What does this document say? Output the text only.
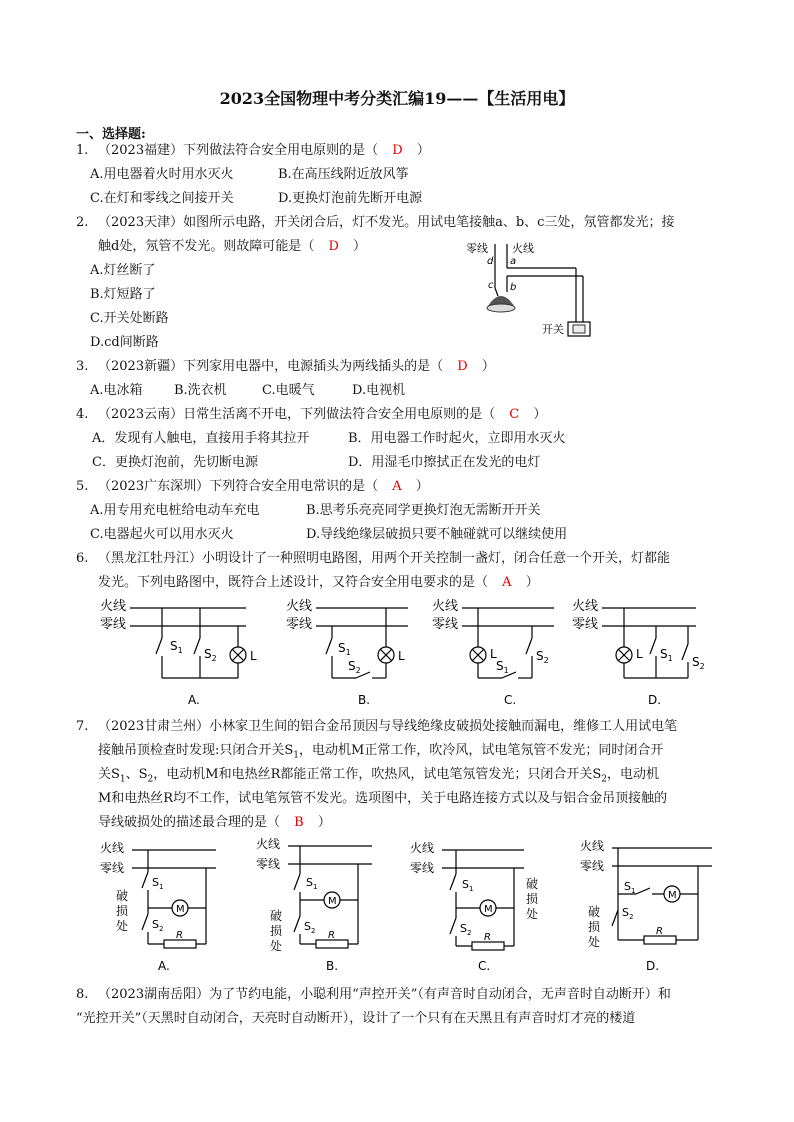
2023全国物理中考分类汇编19——【生活用电】
一、选择题:
1. （2023福建）下列做法符合安全用电原则的是（ D ）
A.用电器着火时用水灭火	B.在高压线附近放风筝
C.在灯和零线之间接开关	D.更换灯泡前先断开电源
2. （2023天津）如图所示电路，开关闭合后，灯不发光。用试电笔接触a、b、c三处，氖管都发光；接
触d处，氖管不发光。则故障可能是（ D ）
A.灯丝断了
B.灯短路了
C.开关处断路
D.cd间断路
零线 火线
d a
c b
开关
3. （2023新疆）下列家用电器中，电源插头为两线插头的是（ D ）
A.电冰箱 B.洗衣机	C.电暖气	D.电视机
4. （2023云南）日常生活离不开电，下列做法符合安全用电原则的是（ C ）
A．发现有人触电，直接用手将其拉开	B．用电器工作时起火，立即用水灭火
C．更换灯泡前，先切断电源	D．用湿毛巾擦拭正在发光的电灯
5. （2023广东深圳）下列符合安全用电常识的是（ A ）
A.用专用充电桩给电动车充电	B.思考乐亮亮同学更换灯泡无需断开开关
C.电器起火可以用水灭火	D.导线绝缘层破损只要不触碰就可以继续使用
6. （黑龙江牡丹江）小明设计了一种照明电路图，用两个开关控制一盏灯，闭合任意一个开关，灯都能
发光。下列电路图中，既符合上述设计，又符合安全用电要求的是（ A ）
火线
零线
$S_1$ $S_2$	L
A.
火线
零线
$S_1$
$S_2$
L
B.
火线
零线
L
$S_1$
$S_2$
C.
火线
零线
L $S_1$ $S_2$
D.
7. （2023甘肃兰州）小林家卫生间的铝合金吊顶因与导线绝缘皮破损处接触而漏电，维修工人用试电笔
接触吊顶检查时发现:只闭合开关$S_1$，电动机M正常工作，吹冷风，试电笔氖管不发光；同时闭合开
关$S_1$、$S_2$，电动机M和电热丝R都能正常工作，吹热风，试电笔氖管发光；只闭合开关$S_2$，电动机
M和电热丝R均不工作，试电笔氖管不发光。选项图中，关于电路连接方式以及与铝合金吊顶接触的
导线破损处的描述最合理的是（ B ）
M
火线
零线
$S_1$
$S_2$
R
破
损
处
A.
火线
零线
$S_1$
$S_2$ R
破
损
处
B.
火线
零线
$S_1$
$S_2$ R
破
损
处
C.
火线
零线
$S_1$
$S_2$
R
破
损
处
D.
8. （2023湖南岳阳）为了节约电能，小聪利用“声控开关”（有声音时自动闭合，无声音时自动断开）和
“光控开关”（天黑时自动闭合，天亮时自动断开），设计了一个只有在天黑且有声音时灯才亮的楼道
